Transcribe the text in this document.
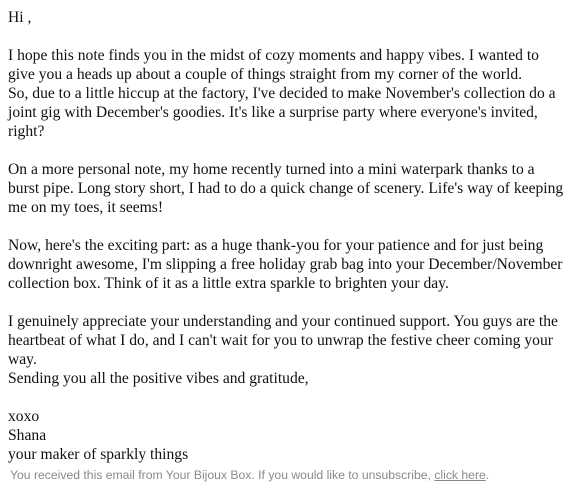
Hi ,

I hope this note finds you in the midst of cozy moments and happy vibes. I wanted to give you a heads up about a couple of things straight from my corner of the world.

So, due to a little hiccup at the factory, I've decided to make November's collection do a joint gig with December's goodies. It's like a surprise party where everyone's invited, right?

On a more personal note, my home recently turned into a mini waterpark thanks to a burst pipe. Long story short, I had to do a quick change of scenery. Life's way of keeping me on my toes, it seems!

Now, here's the exciting part: as a huge thank-you for your patience and for just being downright awesome, I'm slipping a free holiday grab bag into your December/November collection box. Think of it as a little extra sparkle to brighten your day.

I genuinely appreciate your understanding and your continued support. You guys are the heartbeat of what I do, and I can't wait for you to unwrap the festive cheer coming your way.

Sending you all the positive vibes and gratitude,

xoxo

Shana

your maker of sparkly things

You received this email from Your Bijoux Box. If you would like to unsubscribe, click here.
